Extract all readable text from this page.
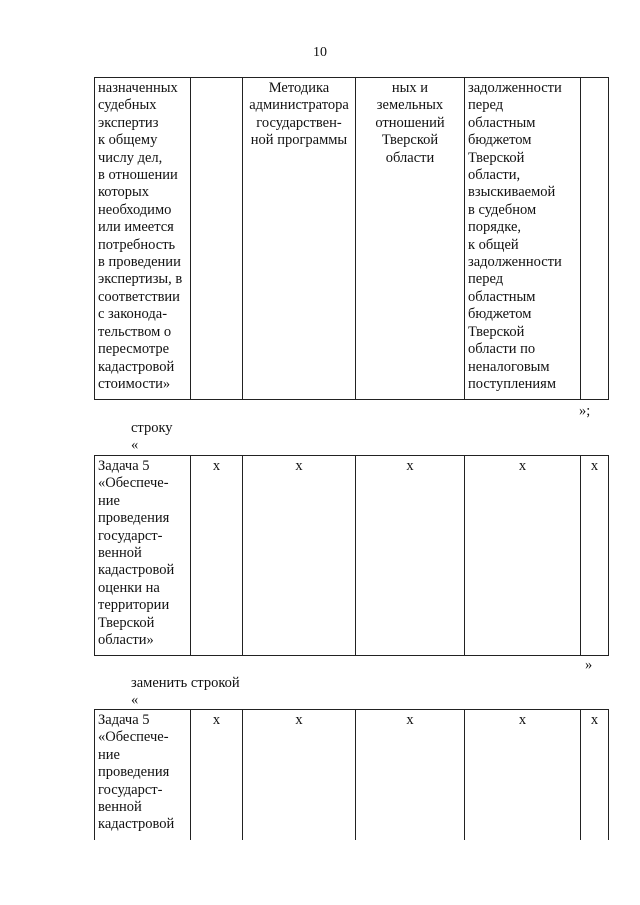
10
назначенных
судебных
экспертиз
к общему
числу дел,
в отношении
которых
необходимо
или имеется
потребность
в проведении
экспертизы, в
соответствии
с законода-
тельством о
пересмотре
кадастровой
стоимости»		Методика
администратора
государствен-
ной программы	ных и
земельных
отношений
Тверской
области	задолженности
перед
областным
бюджетом
Тверской
области,
взыскиваемой
в судебном
порядке,
к общей
задолженности
перед
областным
бюджетом
Тверской
области по
неналоговым
поступлениям	
»;
строку
«
Задача 5
«Обеспече-
ние
проведения
государст-
венной
кадастровой
оценки на
территории
Тверской
области»	x	x	x	x	x
»
заменить строкой
«
Задача 5
«Обеспече-
ние
проведения
государст-
венной
кадастровой	x	x	x	x	x
